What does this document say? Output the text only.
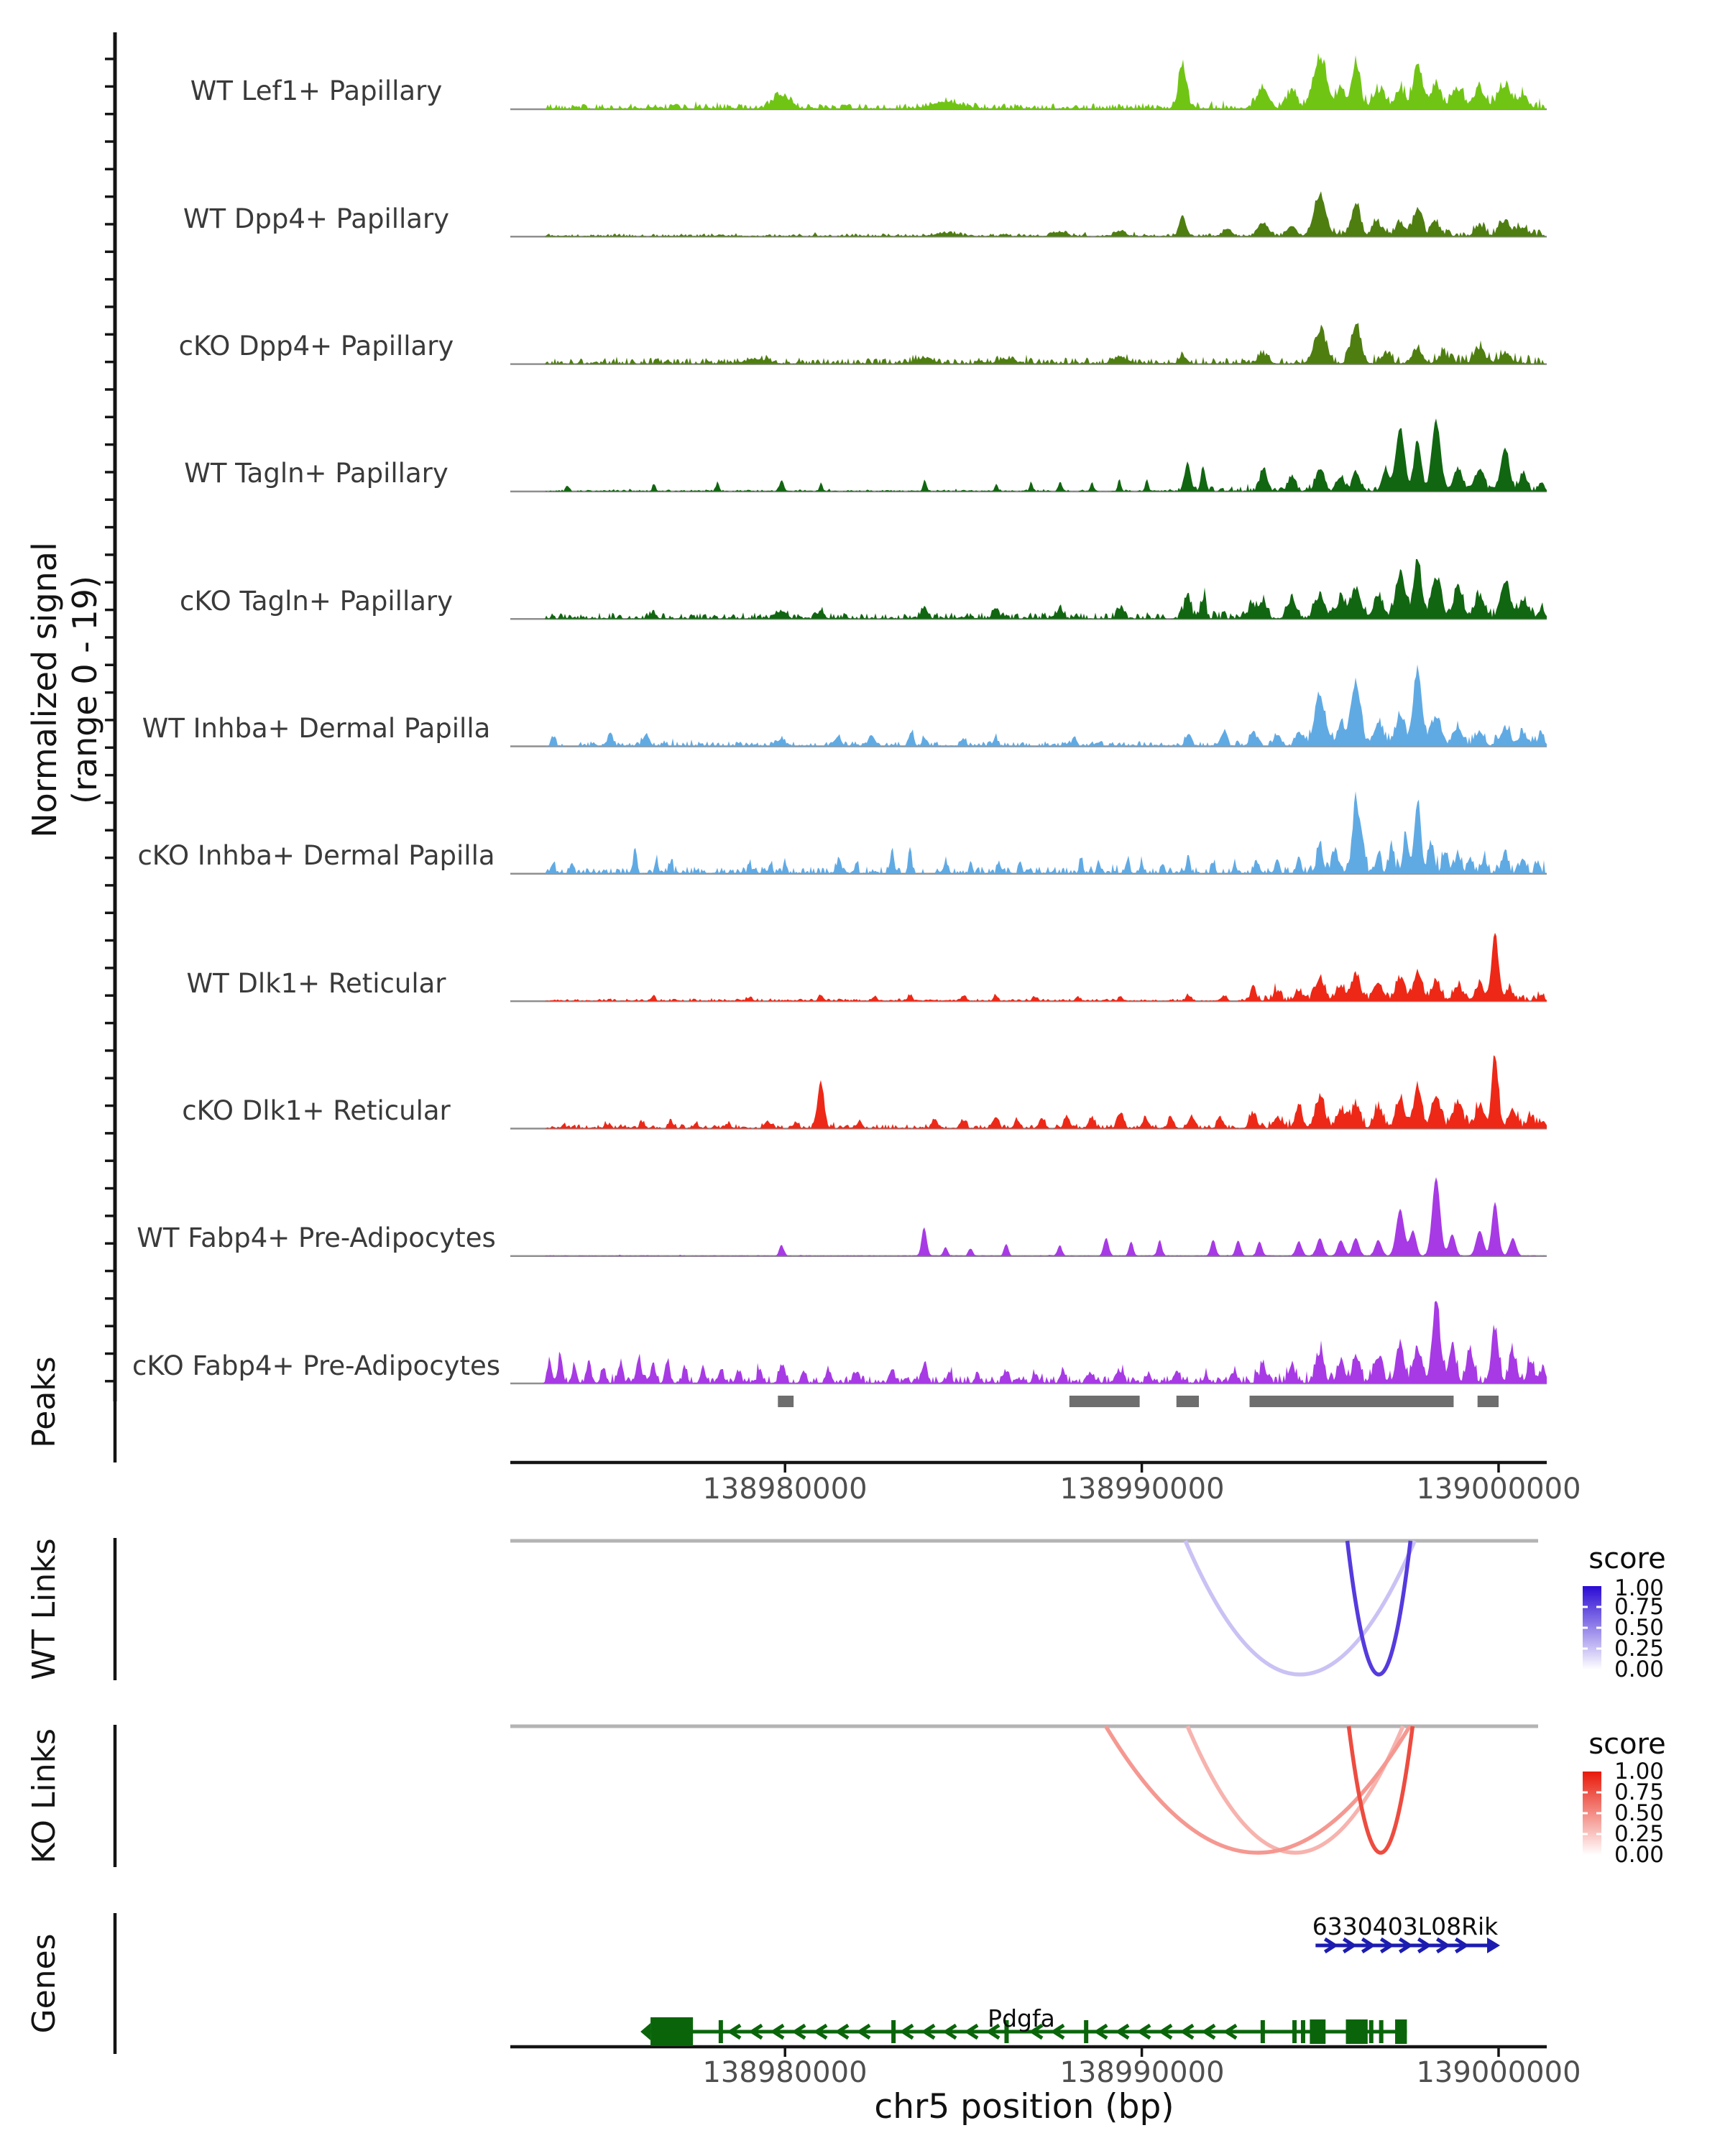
Normalized signal (range 0 - 19)
WT Lef1+ Papillary
WT Dpp4+ Papillary
cKO Dpp4+ Papillary
WT Tagln+ Papillary
cKO Tagln+ Papillary
WT Inhba+ Dermal Papilla
cKO Inhba+ Dermal Papilla
WT Dlk1+ Reticular
cKO Dlk1+ Reticular
WT Fabp4+ Pre-Adipocytes
cKO Fabp4+ Pre-Adipocytes
Peaks
WT Links
KO Links
Genes
138980000	138990000	139000000
138980000	138990000	139000000
chr5 position (bp)
score
1.00
0.75
0.50
0.25
0.00
score
1.00
0.75
0.50
0.25
0.00
6330403L08Rik
Pdgfa
